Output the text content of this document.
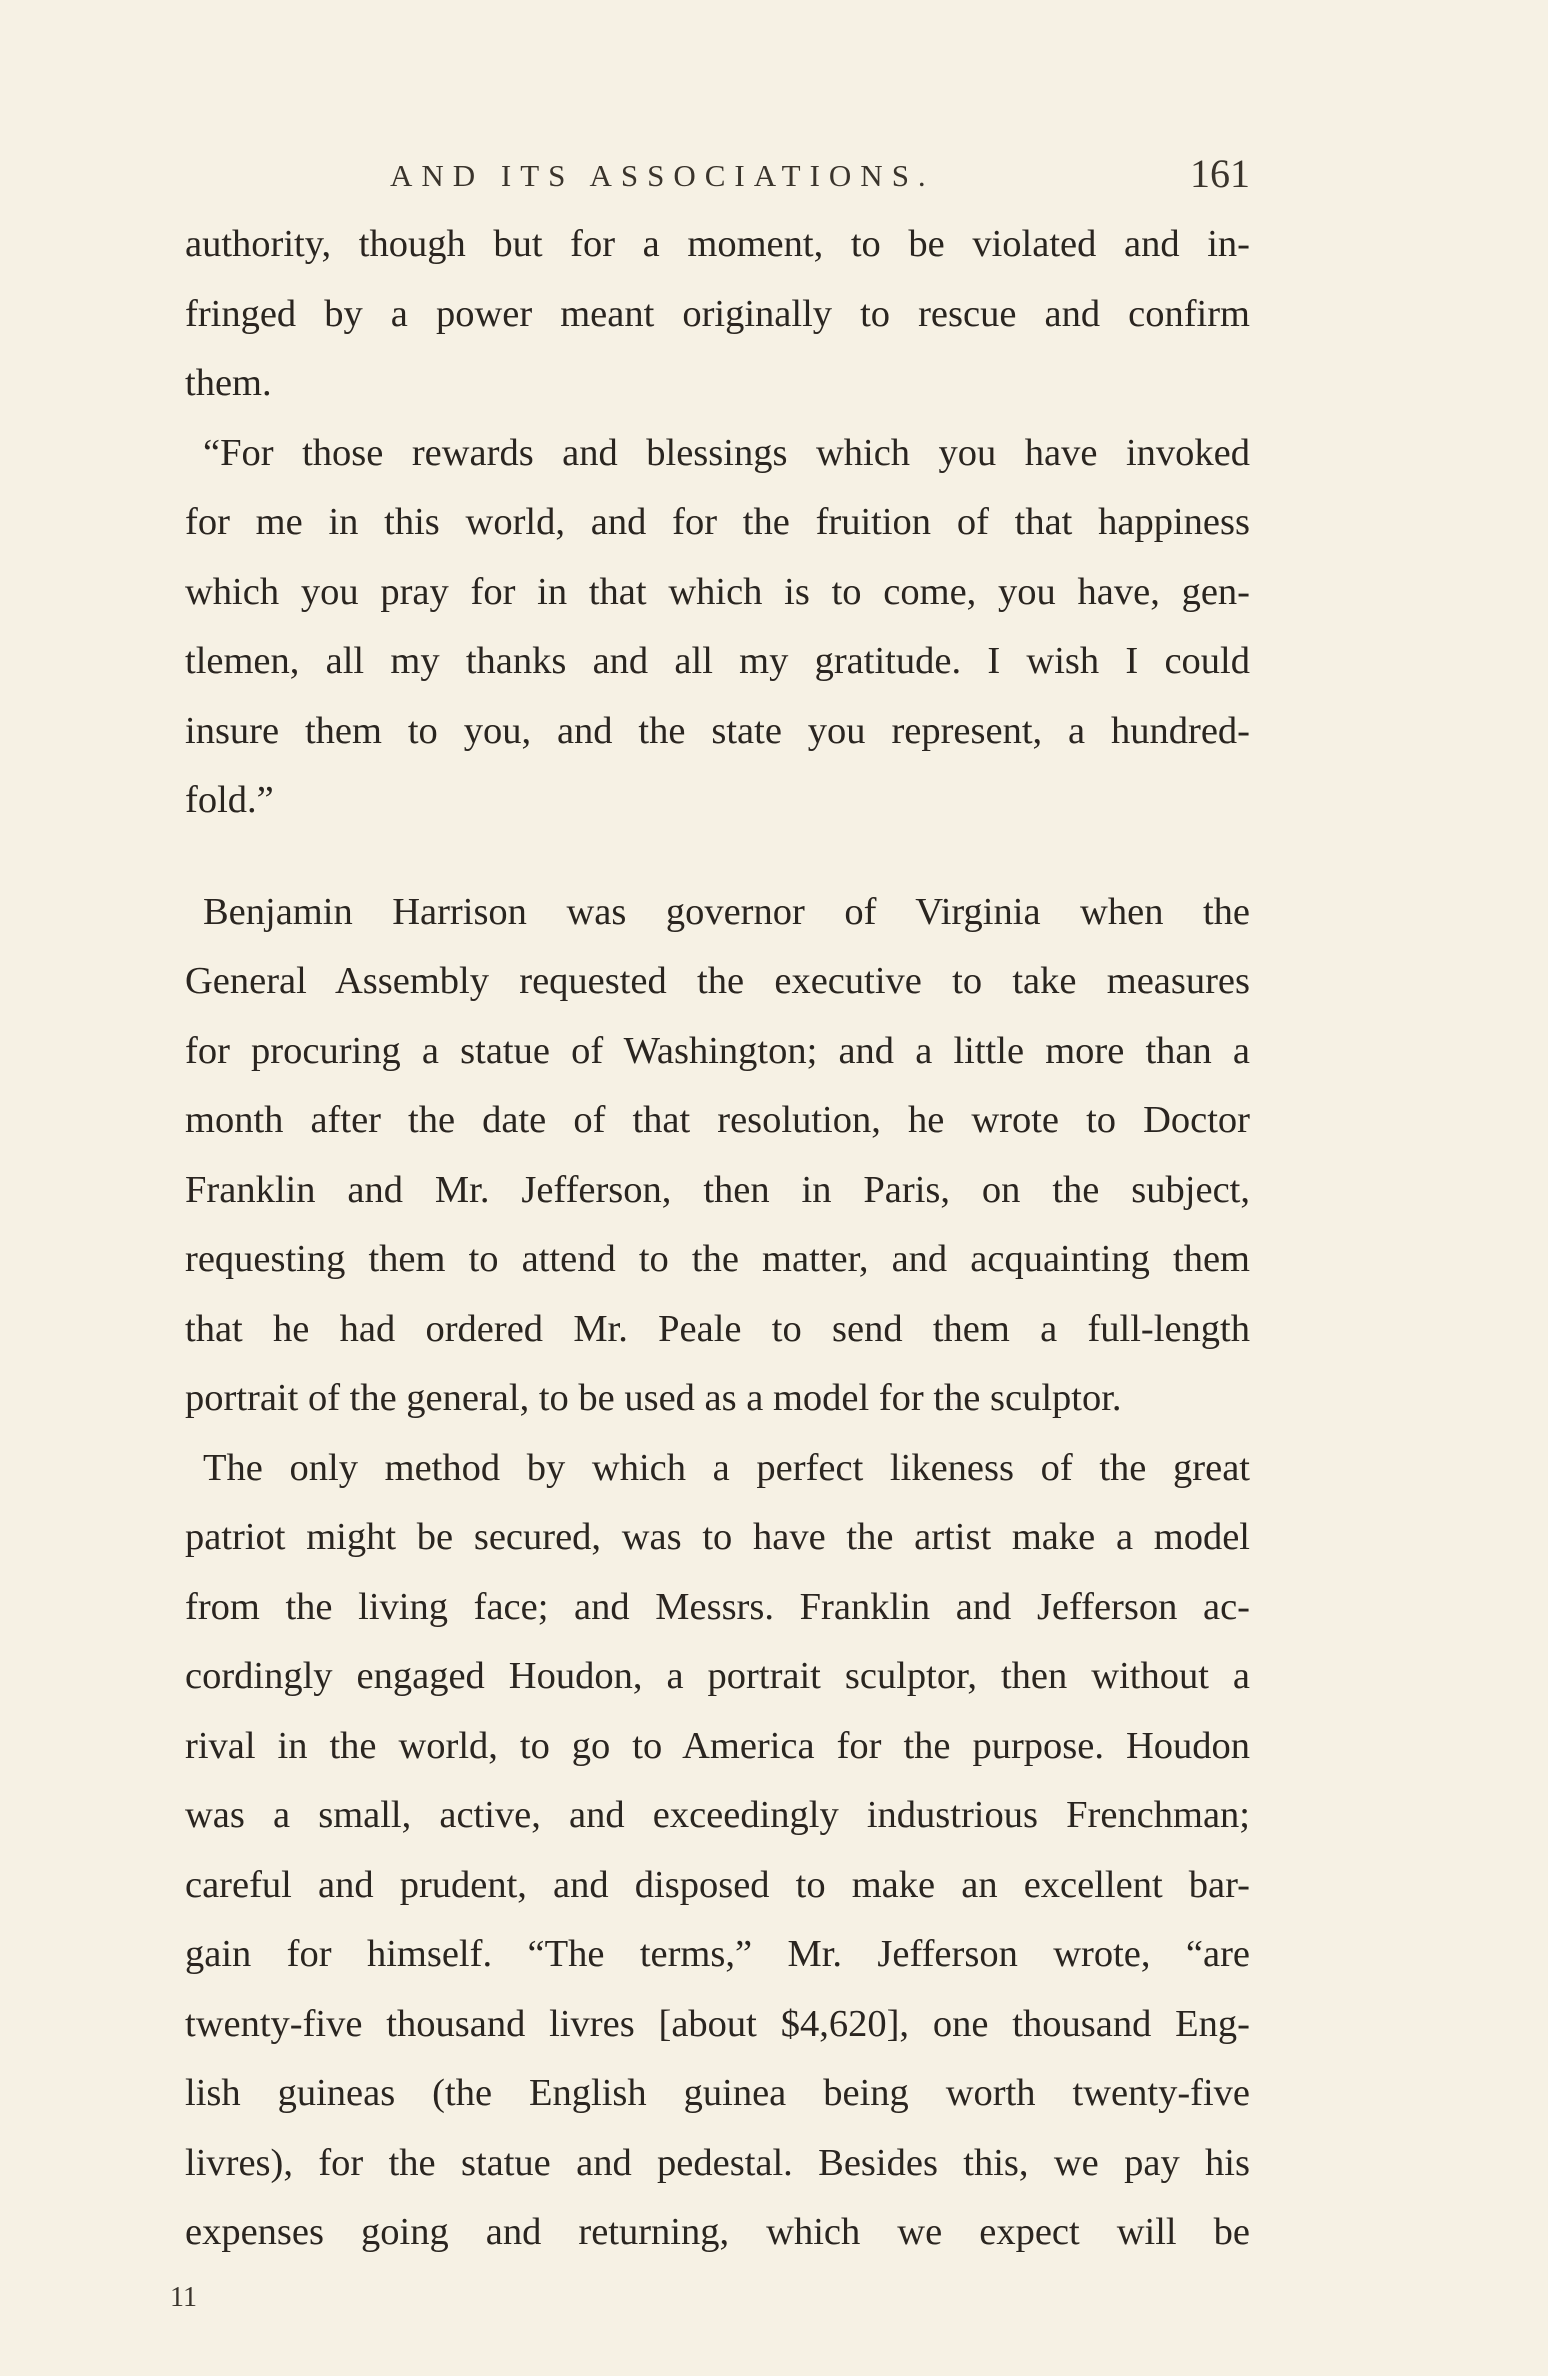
AND ITS ASSOCIATIONS.	161
authority, though but for a moment, to be violated and in-
fringed by a power meant originally to rescue and confirm
them.
“For those rewards and blessings which you have invoked
for me in this world, and for the fruition of that happiness
which you pray for in that which is to come, you have, gen-
tlemen, all my thanks and all my gratitude. I wish I could
insure them to you, and the state you represent, a hundred-
fold.”
Benjamin Harrison was governor of Virginia when the
General Assembly requested the executive to take measures
for procuring a statue of Washington; and a little more than a
month after the date of that resolution, he wrote to Doctor
Franklin and Mr. Jefferson, then in Paris, on the subject,
requesting them to attend to the matter, and acquainting them
that he had ordered Mr. Peale to send them a full-length
portrait of the general, to be used as a model for the sculptor.
The only method by which a perfect likeness of the great
patriot might be secured, was to have the artist make a model
from the living face; and Messrs. Franklin and Jefferson ac-
cordingly engaged Houdon, a portrait sculptor, then without a
rival in the world, to go to America for the purpose. Houdon
was a small, active, and exceedingly industrious Frenchman;
careful and prudent, and disposed to make an excellent bar-
gain for himself. “The terms,” Mr. Jefferson wrote, “are
twenty-five thousand livres [about $4,620], one thousand Eng-
lish guineas (the English guinea being worth twenty-five
livres), for the statue and pedestal. Besides this, we pay his
expenses going and returning, which we expect will be
11
